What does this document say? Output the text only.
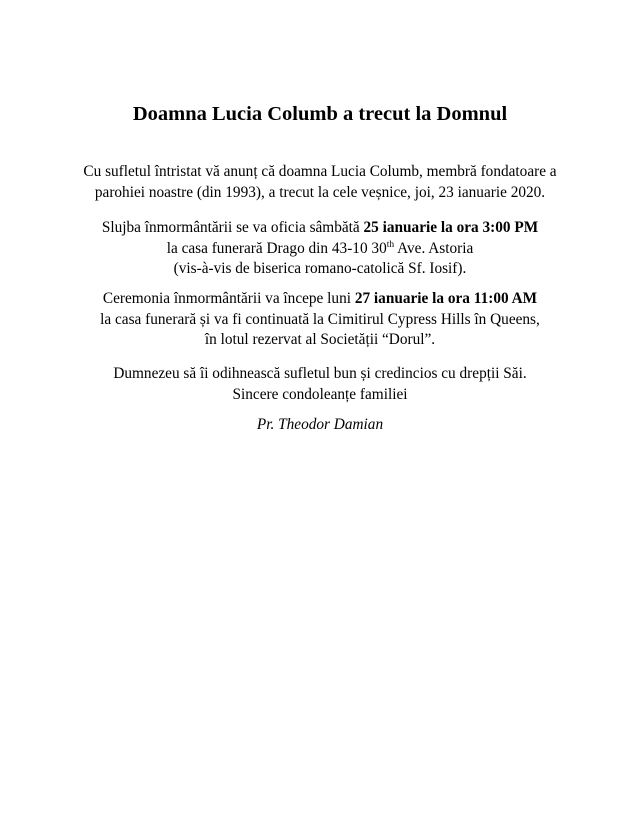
Doamna Lucia Columb a trecut la Domnul
Cu sufletul întristat vă anunț că doamna Lucia Columb, membră fondatoare a
parohiei noastre (din 1993), a trecut la cele veșnice, joi, 23 ianuarie 2020.
Slujba înmormântării se va oficia sâmbătă 25 ianuarie la ora 3:00 PM
la casa funerară Drago din 43-10 30th Ave. Astoria
(vis-à-vis de biserica romano-catolică Sf. Iosif).
Ceremonia înmormântării va începe luni 27 ianuarie la ora 11:00 AM
la casa funerară și va fi continuată la Cimitirul Cypress Hills în Queens,
în lotul rezervat al Societății “Dorul”.
Dumnezeu să îi odihnească sufletul bun și credincios cu drepții Săi.
Sincere condoleanțe familiei
Pr. Theodor Damian
